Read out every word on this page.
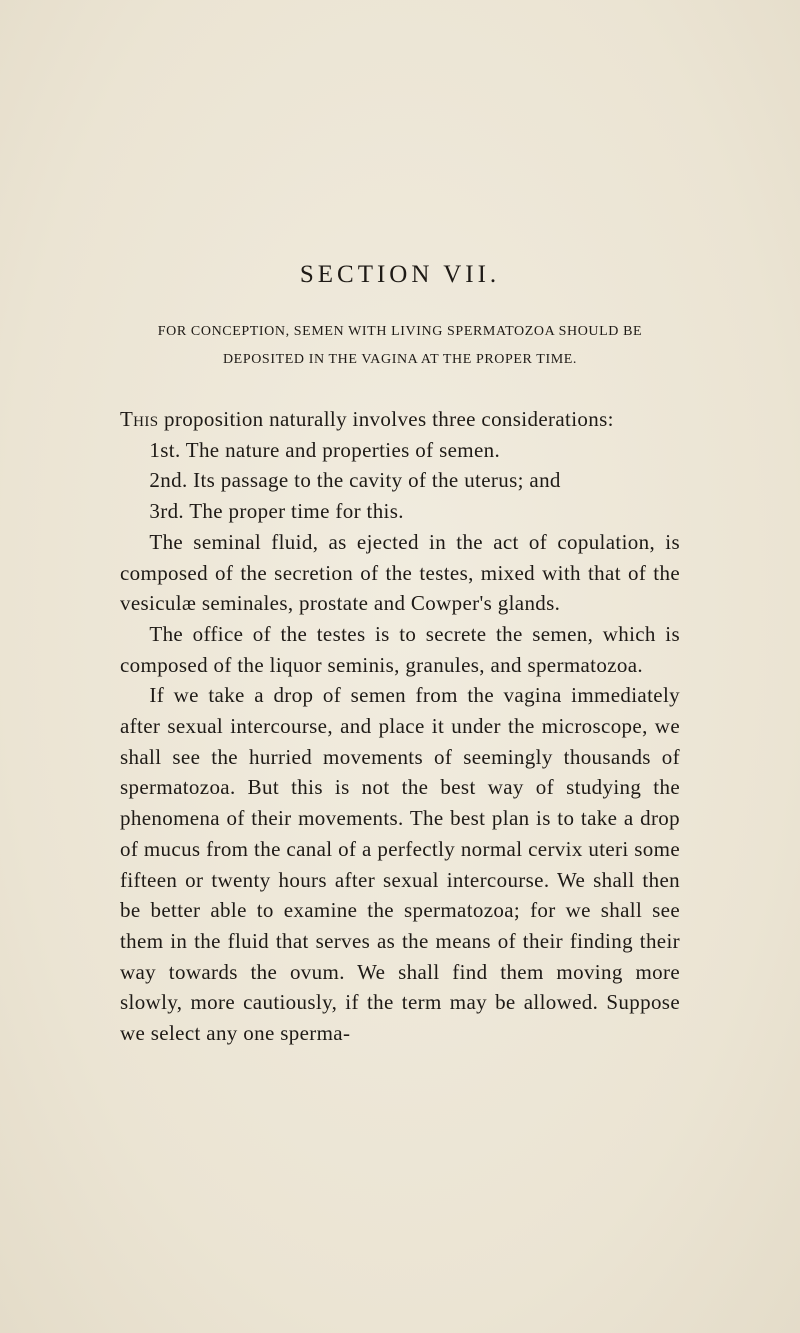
SECTION VII.
FOR CONCEPTION, SEMEN WITH LIVING SPERMATOZOA SHOULD BE DEPOSITED IN THE VAGINA AT THE PROPER TIME.

This proposition naturally involves three considerations:

1st. The nature and properties of semen.

2nd. Its passage to the cavity of the uterus; and

3rd. The proper time for this.

The seminal fluid, as ejected in the act of copulation, is composed of the secretion of the testes, mixed with that of the vesiculæ seminales, prostate and Cowper's glands.

The office of the testes is to secrete the semen, which is composed of the liquor seminis, granules, and spermatozoa.

If we take a drop of semen from the vagina immediately after sexual intercourse, and place it under the microscope, we shall see the hurried movements of seemingly thousands of spermatozoa. But this is not the best way of studying the phenomena of their movements. The best plan is to take a drop of mucus from the canal of a perfectly normal cervix uteri some fifteen or twenty hours after sexual intercourse. We shall then be better able to examine the spermatozoa; for we shall see them in the fluid that serves as the means of their finding their way towards the ovum. We shall find them moving more slowly, more cautiously, if the term may be allowed. Suppose we select any one sperma-
